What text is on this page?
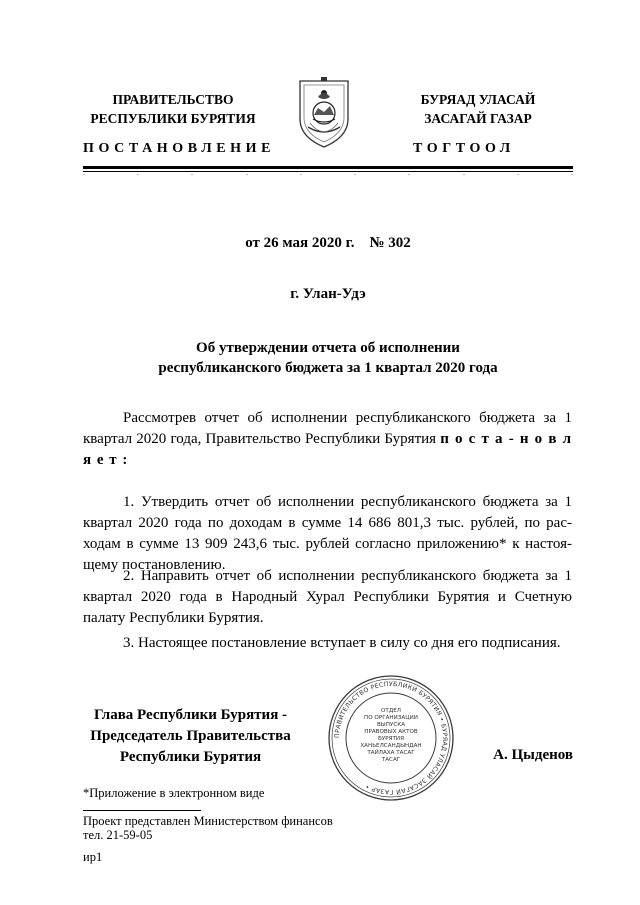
ПРАВИТЕЛЬСТВО
РЕСПУБЛИКИ БУРЯТИЯ
ПОСТАНОВЛЕНИЕ
БУРЯАД УЛАСАЙ
ЗАСАГАЙ ГАЗАР
ТОГТООЛ
от 26 мая 2020 г.    № 302
г. Улан-Удэ
Об утверждении отчета об исполнении
республиканского бюджета за 1 квартал 2020 года
Рассмотрев отчет об исполнении республиканского бюджета за 1 квартал 2020 года, Правительство Республики Бурятия п о с т а - н о в л я е т :
1. Утвердить отчет об исполнении республиканского бюджета за 1 квартал 2020 года по доходам в сумме 14 686 801,3 тыс. рублей, по рас-ходам в сумме 13 909 243,6 тыс. рублей согласно приложению* к настоя-щему постановлению.
2. Направить отчет об исполнении республиканского бюджета за 1 квартал 2020 года в Народный Хурал Республики Бурятия и Счетную палату Республики Бурятия.
3. Настоящее постановление вступает в силу со дня его подписания.
Глава Республики Бурятия -
Председатель Правительства
Республики Бурятия
ПРАВИТЕЛЬСТВО РЕСПУБЛИКИ БУРЯТИЯ • БУРЯАД УЛАСАЙ ЗАСАГАЙ ГАЗАР •
ОТДЕЛ
ПО ОРГАНИЗАЦИИ
ВЫПУСКА
ПРАВОВЫХ АКТОВ
БУРЯТИЯ
ХАНЬЕЛСАНДЫНДАН
ТАЙЛАХА ТАСАГ
ТАСАГ	А. Цыденов
*Приложение в электронном виде
Проект представлен Министерством финансов
тел. 21-59-05
ир1
